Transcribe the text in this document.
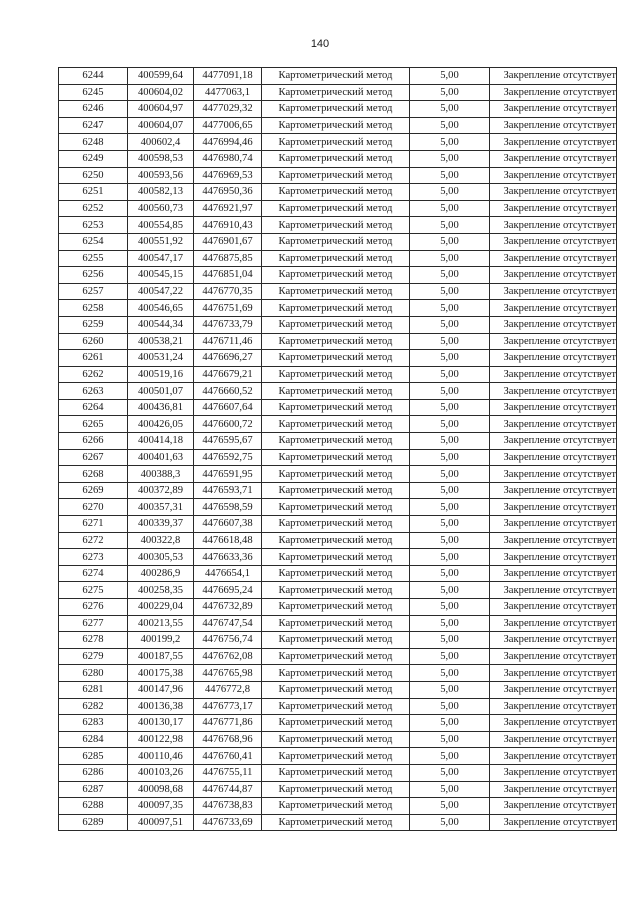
140
6244	400599,64	4477091,18	Картометрический метод	5,00	Закрепление отсутствует
6245	400604,02	4477063,1	Картометрический метод	5,00	Закрепление отсутствует
6246	400604,97	4477029,32	Картометрический метод	5,00	Закрепление отсутствует
6247	400604,07	4477006,65	Картометрический метод	5,00	Закрепление отсутствует
6248	400602,4	4476994,46	Картометрический метод	5,00	Закрепление отсутствует
6249	400598,53	4476980,74	Картометрический метод	5,00	Закрепление отсутствует
6250	400593,56	4476969,53	Картометрический метод	5,00	Закрепление отсутствует
6251	400582,13	4476950,36	Картометрический метод	5,00	Закрепление отсутствует
6252	400560,73	4476921,97	Картометрический метод	5,00	Закрепление отсутствует
6253	400554,85	4476910,43	Картометрический метод	5,00	Закрепление отсутствует
6254	400551,92	4476901,67	Картометрический метод	5,00	Закрепление отсутствует
6255	400547,17	4476875,85	Картометрический метод	5,00	Закрепление отсутствует
6256	400545,15	4476851,04	Картометрический метод	5,00	Закрепление отсутствует
6257	400547,22	4476770,35	Картометрический метод	5,00	Закрепление отсутствует
6258	400546,65	4476751,69	Картометрический метод	5,00	Закрепление отсутствует
6259	400544,34	4476733,79	Картометрический метод	5,00	Закрепление отсутствует
6260	400538,21	4476711,46	Картометрический метод	5,00	Закрепление отсутствует
6261	400531,24	4476696,27	Картометрический метод	5,00	Закрепление отсутствует
6262	400519,16	4476679,21	Картометрический метод	5,00	Закрепление отсутствует
6263	400501,07	4476660,52	Картометрический метод	5,00	Закрепление отсутствует
6264	400436,81	4476607,64	Картометрический метод	5,00	Закрепление отсутствует
6265	400426,05	4476600,72	Картометрический метод	5,00	Закрепление отсутствует
6266	400414,18	4476595,67	Картометрический метод	5,00	Закрепление отсутствует
6267	400401,63	4476592,75	Картометрический метод	5,00	Закрепление отсутствует
6268	400388,3	4476591,95	Картометрический метод	5,00	Закрепление отсутствует
6269	400372,89	4476593,71	Картометрический метод	5,00	Закрепление отсутствует
6270	400357,31	4476598,59	Картометрический метод	5,00	Закрепление отсутствует
6271	400339,37	4476607,38	Картометрический метод	5,00	Закрепление отсутствует
6272	400322,8	4476618,48	Картометрический метод	5,00	Закрепление отсутствует
6273	400305,53	4476633,36	Картометрический метод	5,00	Закрепление отсутствует
6274	400286,9	4476654,1	Картометрический метод	5,00	Закрепление отсутствует
6275	400258,35	4476695,24	Картометрический метод	5,00	Закрепление отсутствует
6276	400229,04	4476732,89	Картометрический метод	5,00	Закрепление отсутствует
6277	400213,55	4476747,54	Картометрический метод	5,00	Закрепление отсутствует
6278	400199,2	4476756,74	Картометрический метод	5,00	Закрепление отсутствует
6279	400187,55	4476762,08	Картометрический метод	5,00	Закрепление отсутствует
6280	400175,38	4476765,98	Картометрический метод	5,00	Закрепление отсутствует
6281	400147,96	4476772,8	Картометрический метод	5,00	Закрепление отсутствует
6282	400136,38	4476773,17	Картометрический метод	5,00	Закрепление отсутствует
6283	400130,17	4476771,86	Картометрический метод	5,00	Закрепление отсутствует
6284	400122,98	4476768,96	Картометрический метод	5,00	Закрепление отсутствует
6285	400110,46	4476760,41	Картометрический метод	5,00	Закрепление отсутствует
6286	400103,26	4476755,11	Картометрический метод	5,00	Закрепление отсутствует
6287	400098,68	4476744,87	Картометрический метод	5,00	Закрепление отсутствует
6288	400097,35	4476738,83	Картометрический метод	5,00	Закрепление отсутствует
6289	400097,51	4476733,69	Картометрический метод	5,00	Закрепление отсутствует
